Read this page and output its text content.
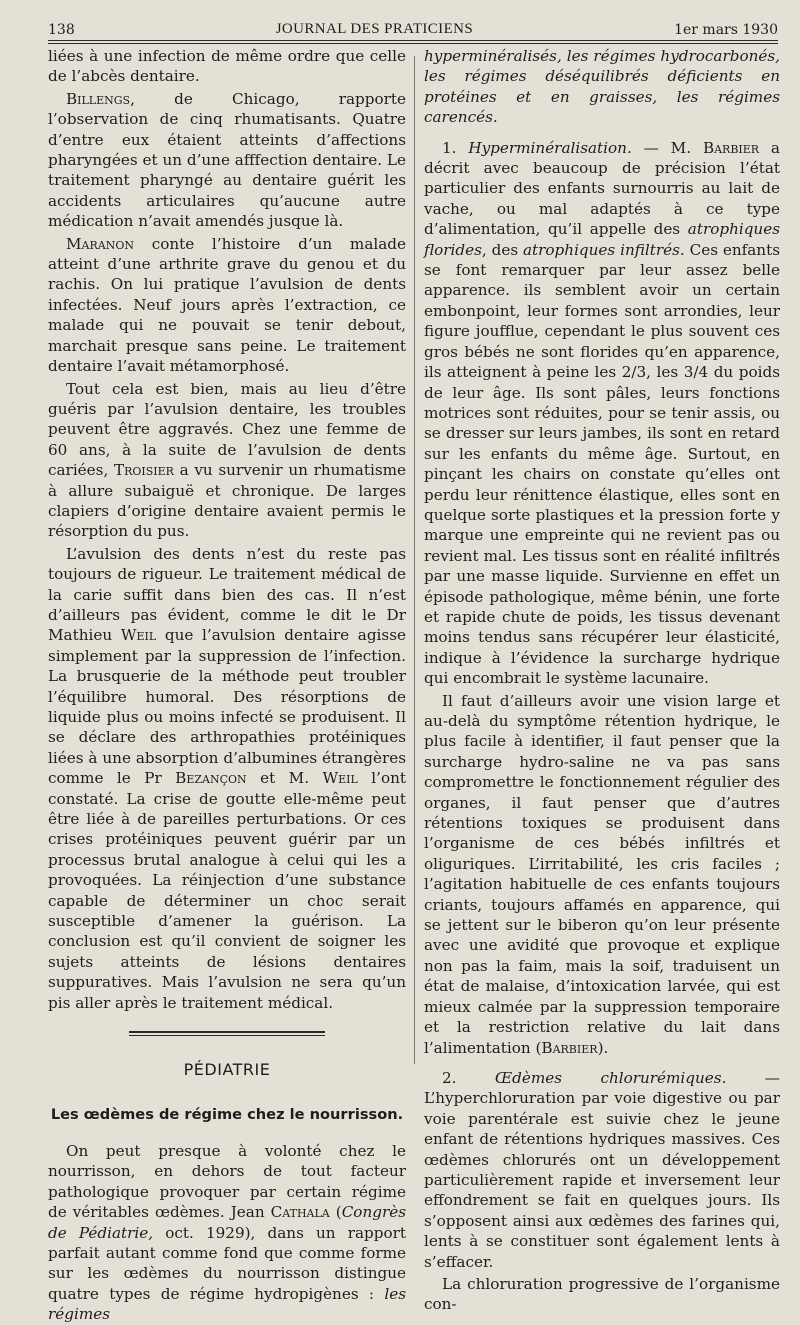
138	JOURNAL DES PRATICIENS	1er mars 1930

liées à une infection de même ordre que celle de l’abcès dentaire.

Billengs, de Chicago, rapporte l’observation de cinq rhumatisants. Quatre d’entre eux étaient atteints d’affections pharyngées et un d’une afffection dentaire. Le traitement pharyngé au dentaire guérit les accidents articulaires qu’aucune autre médication n’avait amendés jusque là.

Maranon conte l’histoire d’un malade atteint d’une arthrite grave du genou et du rachis. On lui pratique l’avulsion de dents infectées. Neuf jours après l’extraction, ce malade qui ne pouvait se tenir debout, marchait presque sans peine. Le traitement dentaire l’avait métamorphosé.

Tout cela est bien, mais au lieu d’être guéris par l’avulsion dentaire, les troubles peuvent être aggravés. Chez une femme de 60 ans, à la suite de l’avulsion de dents cariées, Troisier a vu survenir un rhumatisme à allure subaiguë et chronique. De larges clapiers d’origine dentaire avaient permis le résorption du pus.

L’avulsion des dents n’est du reste pas toujours de rigueur. Le traitement médical de la carie suffit dans bien des cas. Il n’est d’ailleurs pas évident, comme le dit le Dr Mathieu Weil que l’avulsion dentaire agisse simplement par la suppression de l’infection. La brusquerie de la méthode peut troubler l’équilibre humoral. Des résorptions de liquide plus ou moins infecté se produisent. Il se déclare des arthropathies protéiniques liées à une absorption d’albumines étrangères comme le Pr Bezançon et M. Weil l’ont constaté. La crise de goutte elle-même peut être liée à de pareilles perturbations. Or ces crises protéiniques peuvent guérir par un processus brutal analogue à celui qui les a provoquées. La réinjection d’une substance capable de déterminer un choc serait susceptible d’amener la guérison. La conclusion est qu’il convient de soigner les sujets atteints de lésions dentaires suppuratives. Mais l’avulsion ne sera qu’un pis aller après le traitement médical.

PÉDIATRIE
Les œdèmes de régime chez le nourrisson.

On peut presque à volonté chez le nourrisson, en dehors de tout facteur pathologique provoquer par certain régime de véritables œdèmes. Jean Cathala (Congrès de Pédiatrie, oct. 1929), dans un rapport parfait autant comme fond que comme forme sur les œdèmes du nourrisson distingue quatre types de régime hydropigènes : les régimes

hyperminéralisés, les régimes hydrocarbonés, les régimes déséquilibrés déficients en protéines et en graisses, les régimes carencés.

1. Hyperminéralisation. — M. Barbier a décrit avec beaucoup de précision l’état particulier des enfants surnourris au lait de vache, ou mal adaptés à ce type d’alimentation, qu’il appelle des atrophiques florides, des atrophiques infiltrés. Ces enfants se font remarquer par leur assez belle apparence. ils semblent avoir un certain embonpoint, leur formes sont arrondies, leur figure joufflue, cependant le plus souvent ces gros bébés ne sont florides qu’en apparence, ils atteignent à peine les 2/3, les 3/4 du poids de leur âge. Ils sont pâles, leurs fonctions motrices sont réduites, pour se tenir assis, ou se dresser sur leurs jambes, ils sont en retard sur les enfants du même âge. Surtout, en pinçant les chairs on constate qu’elles ont perdu leur rénittence élastique, elles sont en quelque sorte plastiques et la pression forte y marque une empreinte qui ne revient pas ou revient mal. Les tissus sont en réalité infiltrés par une masse liquide. Survienne en effet un épisode pathologique, même bénin, une forte et rapide chute de poids, les tissus devenant moins tendus sans récupérer leur élasticité, indique à l’évidence la surcharge hydrique qui encombrait le système lacunaire.

Il faut d’ailleurs avoir une vision large et au-delà du symptôme rétention hydrique, le plus facile à identifier, il faut penser que la surcharge hydro-saline ne va pas sans compromettre le fonctionnement régulier des organes, il faut penser que d’autres rétentions toxiques se produisent dans l’organisme de ces bébés infiltrés et oliguriques. L’irritabilité, les cris faciles ; l’agitation habituelle de ces enfants toujours criants, toujours affamés en apparence, qui se jettent sur le biberon qu’on leur présente avec une avidité que provoque et explique non pas la faim, mais la soif, traduisent un état de malaise, d’intoxication larvée, qui est mieux calmée par la suppression temporaire et la restriction relative du lait dans l’alimentation (Barbier).

2. Œdèmes chlorurémiques. — L’hyperchloruration par voie digestive ou par voie parentérale est suivie chez le jeune enfant de rétentions hydriques massives. Ces œdèmes chlorurés ont un développement particulièrement rapide et inversement leur effondrement se fait en quelques jours. Ils s’opposent ainsi aux œdèmes des farines qui, lents à se constituer sont également lents à s’effacer.

La chloruration progressive de l’organisme con-
